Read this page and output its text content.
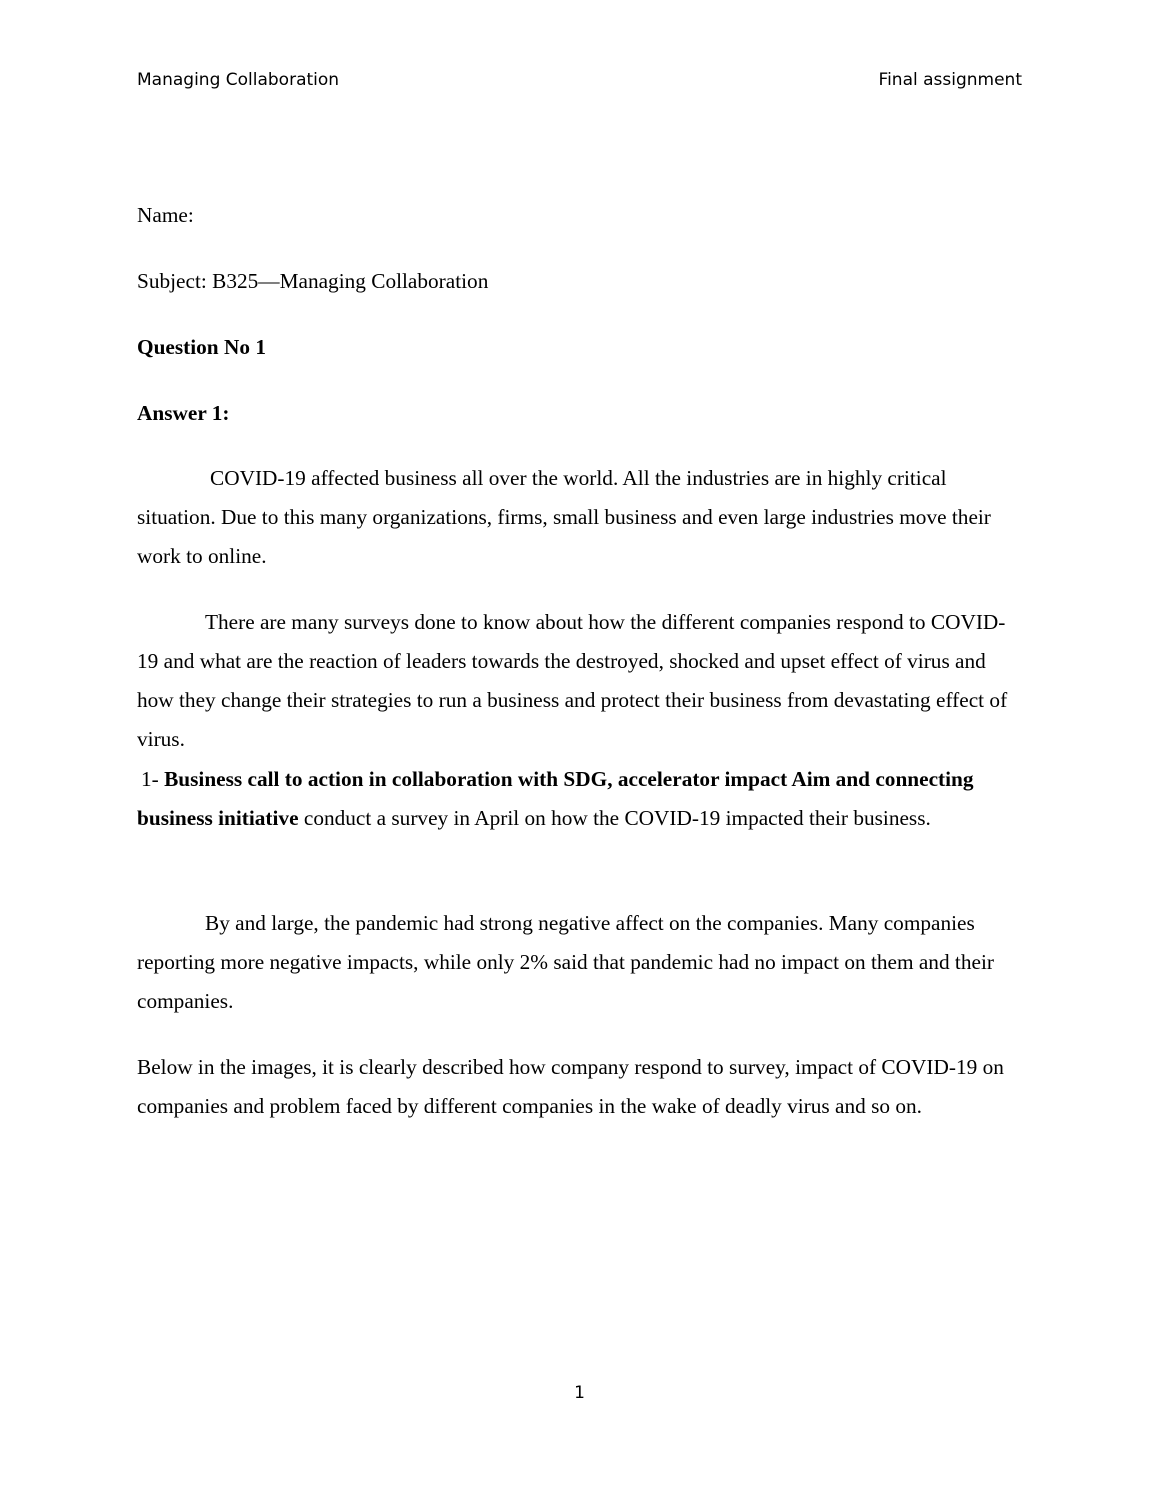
Managing Collaboration	Final assignment
Name:
Subject: B325—Managing Collaboration
Question No 1
Answer 1:
COVID-19 affected business all over the world. All the industries are in highly critical situation. Due to this many organizations, firms, small business and even large industries move their work to online.
There are many surveys done to know about how the different companies respond to COVID-19 and what are the reaction of leaders towards the destroyed, shocked and upset effect of virus and how they change their strategies to run a business and protect their business from devastating effect of virus.
1- Business call to action in collaboration with SDG, accelerator impact Aim and connecting business initiative conduct a survey in April on how the COVID-19 impacted their business.
By and large, the pandemic had strong negative affect on the companies. Many companies reporting more negative impacts, while only 2% said that pandemic had no impact on them and their companies.
Below in the images, it is clearly described how company respond to survey, impact of COVID-19 on companies and problem faced by different companies in the wake of deadly virus and so on.
1
